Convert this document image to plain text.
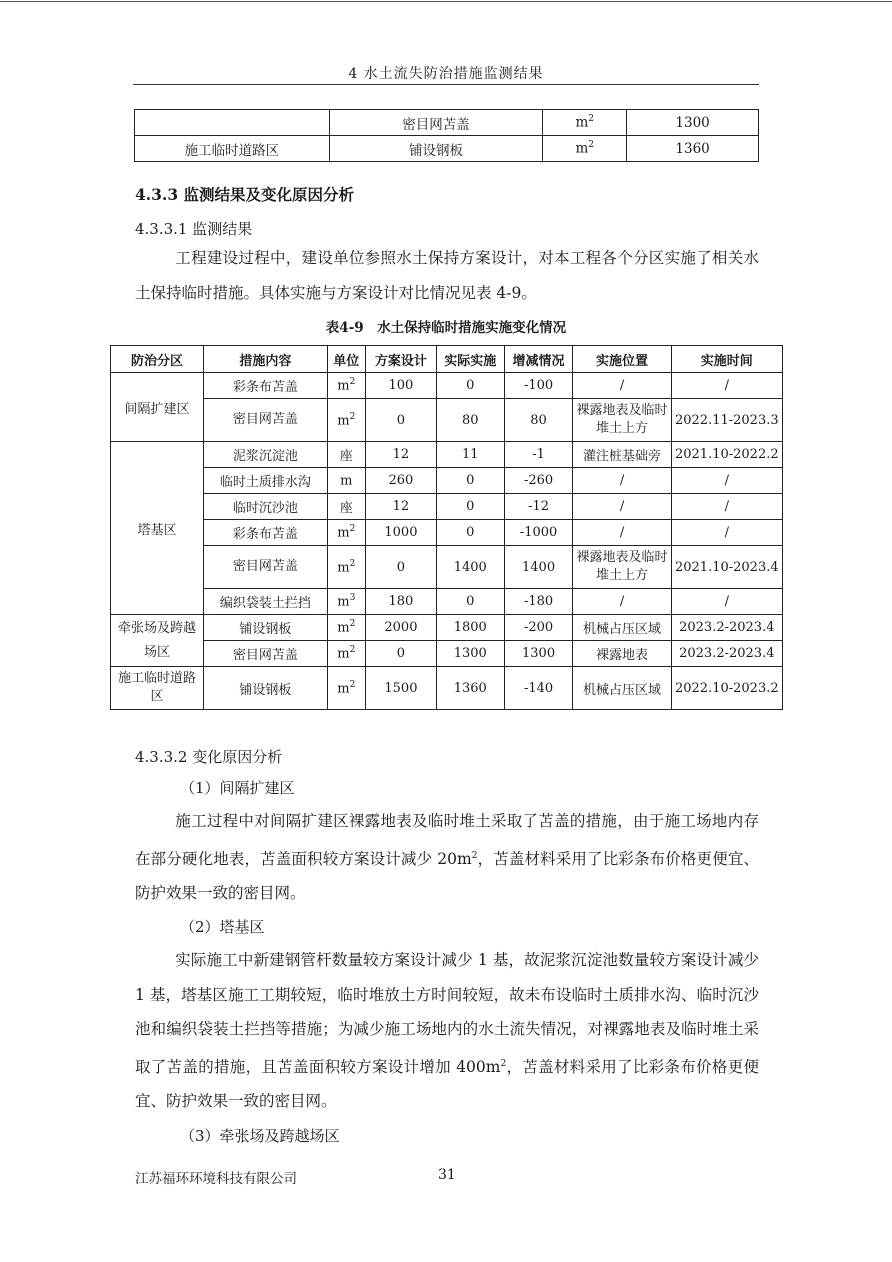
4 水土流失防治措施监测结果
	密目网苫盖	$m^2$	1300
施工临时道路区	铺设钢板	$m^2$	1360
4.3.3 监测结果及变化原因分析
4.3.3.1 监测结果

工程建设过程中，建设单位参照水土保持方案设计，对本工程各个分区实施了相关水土保持临时措施。具体实施与方案设计对比情况见表 4-9。

表4-9　水土保持临时措施实施变化情况
防治分区	措施内容	单位	方案设计	实际实施	增减情况	实施位置	实施时间
间隔扩建区	彩条布苫盖	$m^2$	100	0	-100	/	/
	密目网苫盖	$m^2$	0	80	80	裸露地表及临时堆土上方	2022.11-2023.3
塔基区	泥浆沉淀池	座	12	11	-1	灌注桩基础旁	2021.10-2022.2
	临时土质排水沟	m	260	0	-260	/	/
	临时沉沙池	座	12	0	-12	/	/
	彩条布苫盖	$m^2$	1000	0	-1000	/	/
	密目网苫盖	$m^2$	0	1400	1400	裸露地表及临时堆土上方	2021.10-2023.4
	编织袋装土拦挡	$m^3$	180	0	-180	/	/
牵张场及跨越场区	铺设钢板	$m^2$	2000	1800	-200	机械占压区域	2023.2-2023.4
	密目网苫盖	$m^2$	0	1300	1300	裸露地表	2023.2-2023.4
施工临时道路区	铺设钢板	$m^2$	1500	1360	-140	机械占压区域	2022.10-2023.2
4.3.3.2 变化原因分析
（1）间隔扩建区

施工过程中对间隔扩建区裸露地表及临时堆土采取了苫盖的措施，由于施工场地内存在部分硬化地表，苫盖面积较方案设计减少 $20m^2$，苫盖材料采用了比彩条布价格更便宜、防护效果一致的密目网。

（2）塔基区

实际施工中新建钢管杆数量较方案设计减少 1 基，故泥浆沉淀池数量较方案设计减少 1 基，塔基区施工工期较短，临时堆放土方时间较短，故未布设临时土质排水沟、临时沉沙池和编织袋装土拦挡等措施；为减少施工场地内的水土流失情况，对裸露地表及临时堆土采取了苫盖的措施，且苫盖面积较方案设计增加 $400m^2$，苫盖材料采用了比彩条布价格更便宜、防护效果一致的密目网。

（3）牵张场及跨越场区
江苏福环环境科技有限公司	31
